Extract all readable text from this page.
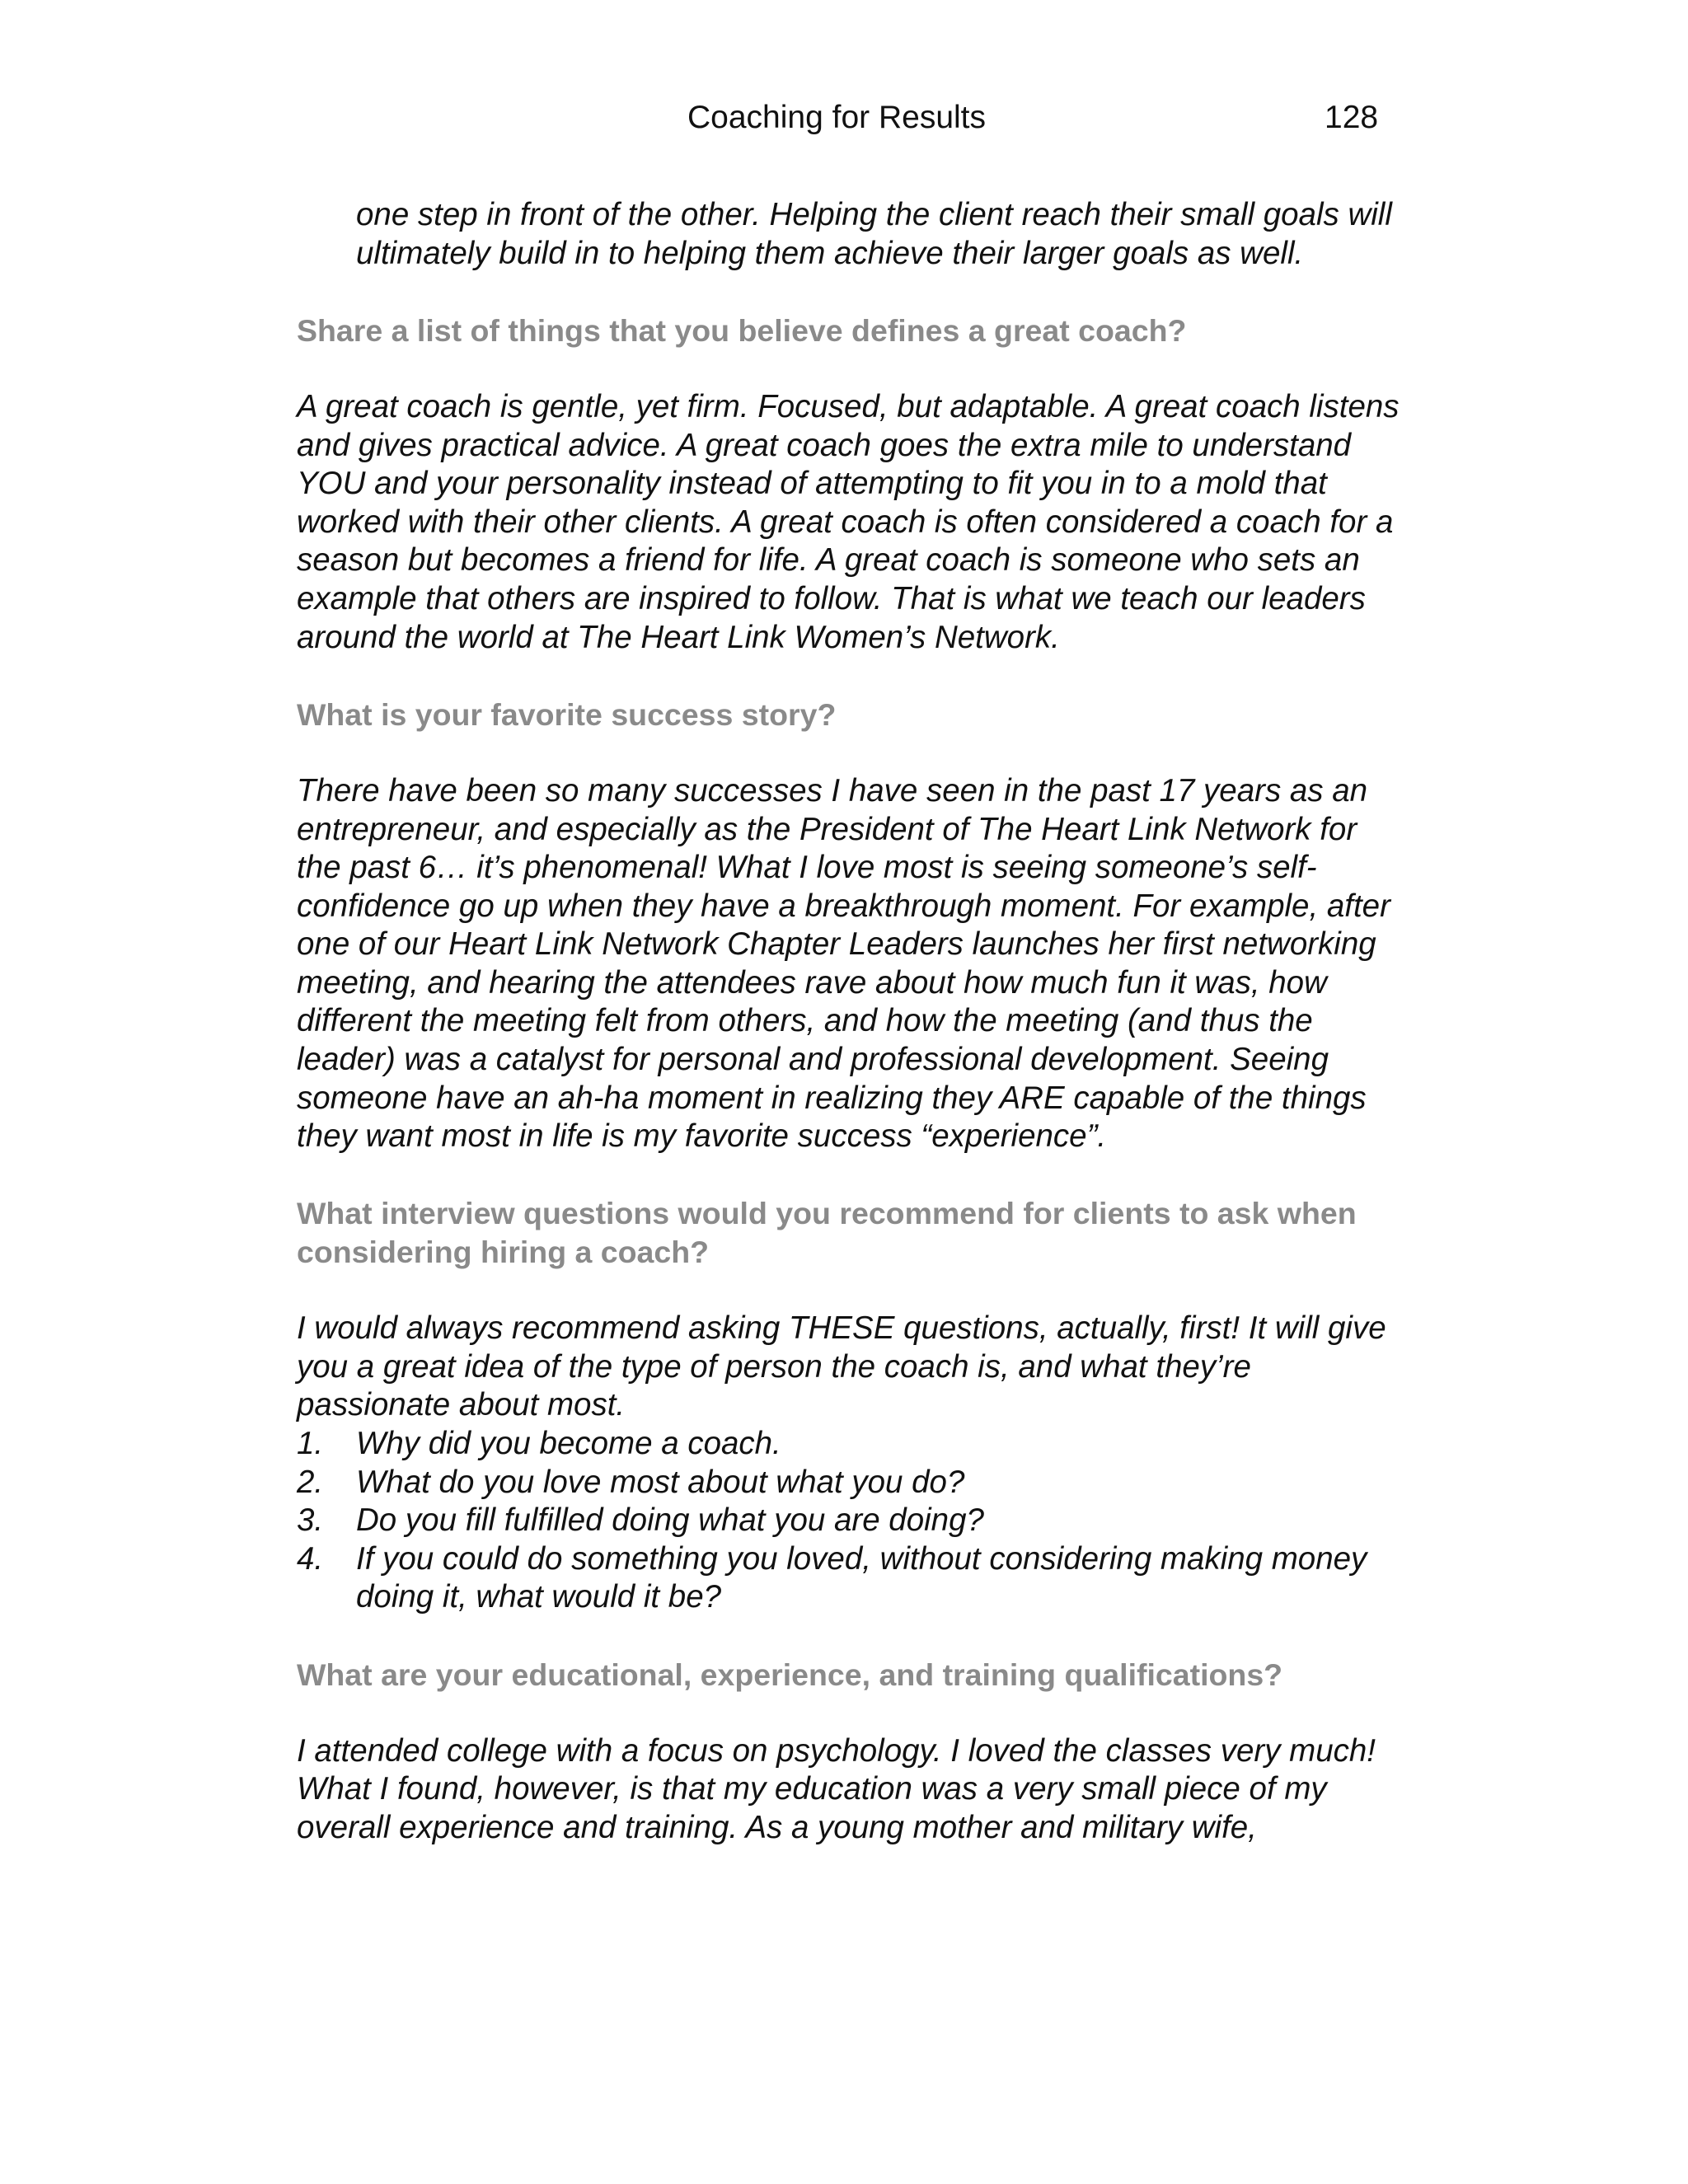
Coaching for Results	128

one step in front of the other. Helping the client reach their small goals will ultimately build in to helping them achieve their larger goals as well.

Share a list of things that you believe defines a great coach?

A great coach is gentle, yet firm. Focused, but adaptable. A great coach listens and gives practical advice. A great coach goes the extra mile to understand YOU and your personality instead of attempting to fit you in to a mold that worked with their other clients. A great coach is often considered a coach for a season but becomes a friend for life. A great coach is someone who sets an example that others are inspired to follow. That is what we teach our leaders around the world at The Heart Link Women’s Network.

What is your favorite success story?

There have been so many successes I have seen in the past 17 years as an entrepreneur, and especially as the President of The Heart Link Network for the past 6… it’s phenomenal! What I love most is seeing someone’s self-confidence go up when they have a breakthrough moment. For example, after one of our Heart Link Network Chapter Leaders launches her first networking meeting, and hearing the attendees rave about how much fun it was, how different the meeting felt from others, and how the meeting (and thus the leader) was a catalyst for personal and professional development. Seeing someone have an ah-ha moment in realizing they ARE capable of the things they want most in life is my favorite success “experience”.

What interview questions would you recommend for clients to ask when considering hiring a coach?

I would always recommend asking THESE questions, actually, first! It will give you a great idea of the type of person the coach is, and what they’re passionate about most.

1. Why did you become a coach.
2. What do you love most about what you do?
3. Do you fill fulfilled doing what you are doing?
4. If you could do something you loved, without considering making money doing it, what would it be?

What are your educational, experience, and training qualifications?

I attended college with a focus on psychology. I loved the classes very much! What I found, however, is that my education was a very small piece of my overall experience and training. As a young mother and military wife,
